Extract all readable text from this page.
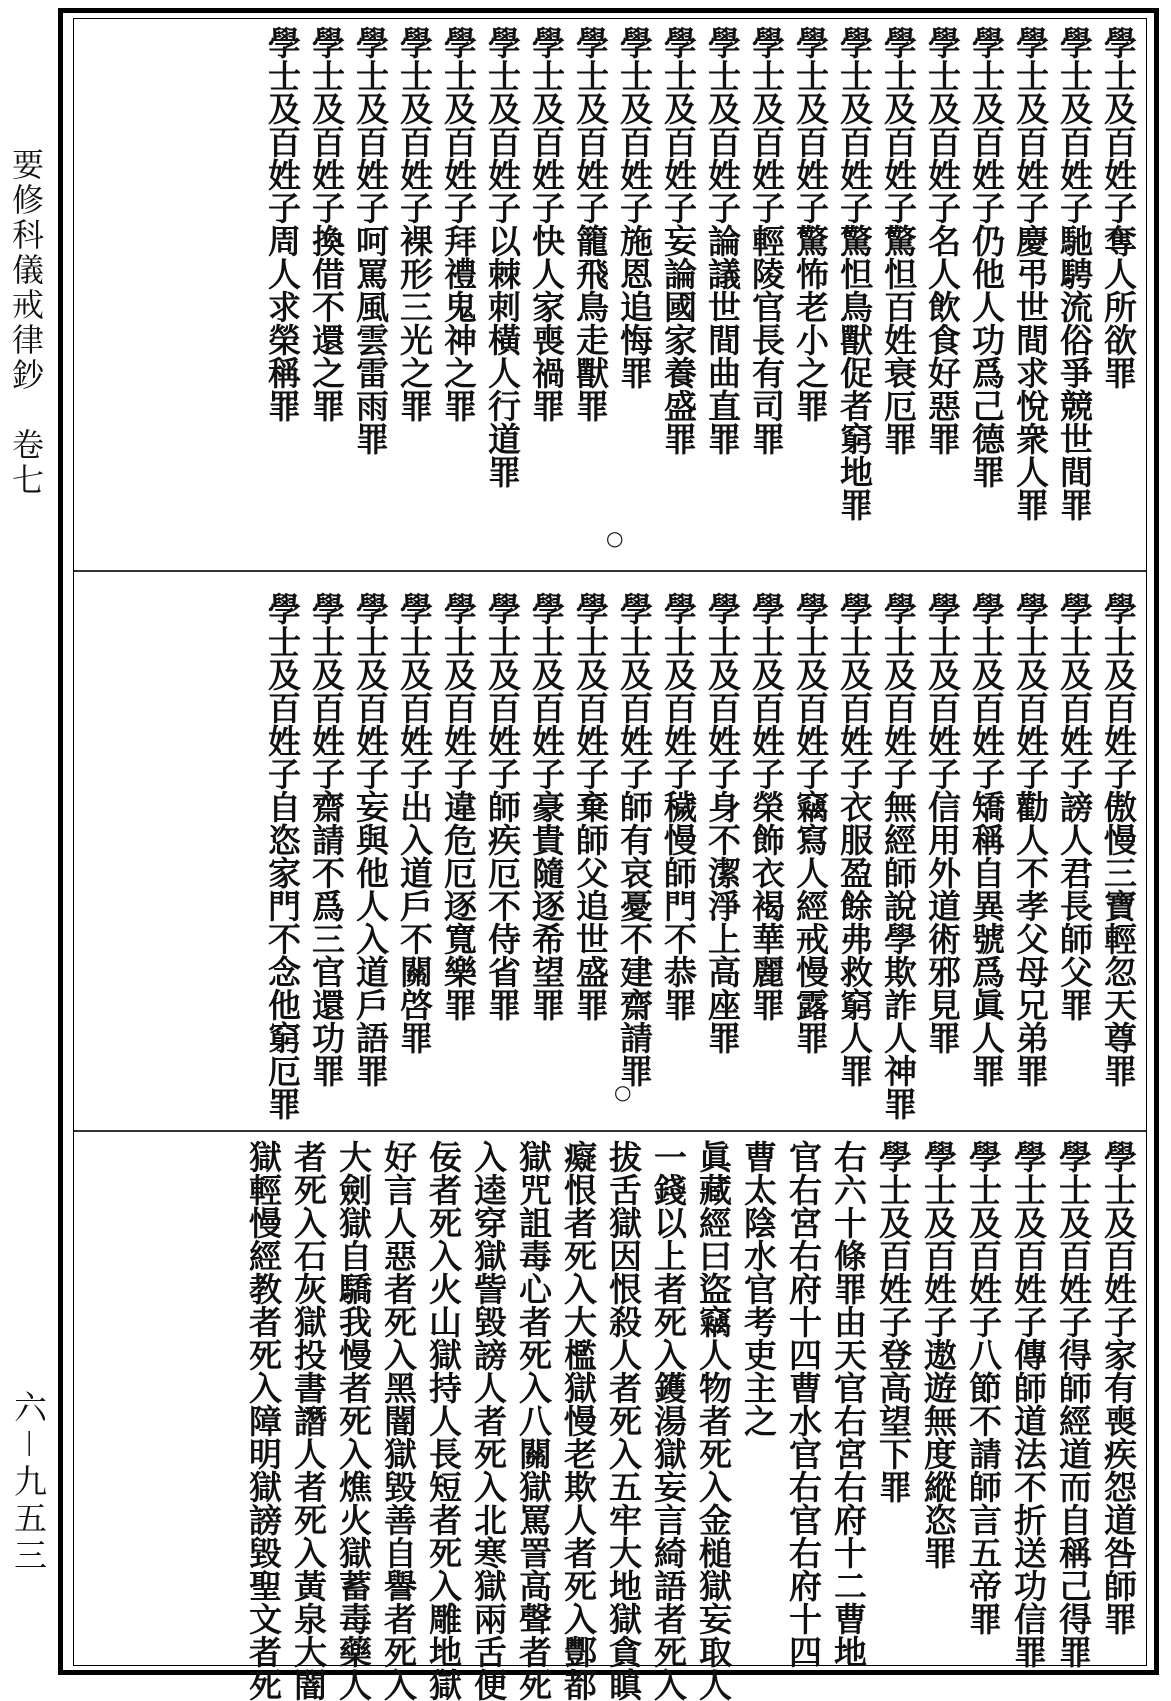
要修科儀戒律鈔　卷七
六－九五三
學士及百姓子奪人所欲罪
學士及百姓子馳騁流俗爭競世間罪
學士及百姓子慶弔世間求悅衆人罪
學士及百姓子仍他人功爲己德罪
學士及百姓子名人飲食好惡罪
學士及百姓子驚怛百姓衰厄罪
學士及百姓子驚怛鳥獸促者窮地罪
學士及百姓子驚怖老小之罪
學士及百姓子輕陵官長有司罪
學士及百姓子論議世間曲直罪
學士及百姓子妄論國家養盛罪
學士及百姓子施恩追悔罪
學士及百姓子籠飛鳥走獸罪
學士及百姓子快人家喪禍罪
學士及百姓子以棘刺橫人行道罪
學士及百姓子拜禮鬼神之罪
學士及百姓子裸形三光之罪
學士及百姓子呵罵風雲雷雨罪
學士及百姓子換借不還之罪
學士及百姓子周人求榮稱罪
學士及百姓子傲慢三寶輕忽天尊罪
學士及百姓子謗人君長師父罪
學士及百姓子勸人不孝父母兄弟罪
學士及百姓子矯稱自異號爲眞人罪
學士及百姓子信用外道術邪見罪
學士及百姓子無經師說學欺詐人神罪
學士及百姓子衣服盈餘弗救窮人罪
學士及百姓子竊寫人經戒慢露罪
學士及百姓子榮飾衣褐華麗罪
學士及百姓子身不潔淨上高座罪
學士及百姓子穢慢師門不恭罪
學士及百姓子師有哀憂不建齋請罪
學士及百姓子棄師父追世盛罪
學士及百姓子豪貴隨逐希望罪
學士及百姓子師疾厄不侍省罪
學士及百姓子違危厄逐寬樂罪
學士及百姓子出入道戶不關啓罪
學士及百姓子妄與他人入道戶語罪
學士及百姓子齋請不爲三官還功罪
學士及百姓子自恣家門不念他窮厄罪
學士及百姓子家有喪疾怨道咎師罪
學士及百姓子得師經道而自稱己得罪
學士及百姓子傳師道法不折送功信罪
學士及百姓子八節不請師言五帝罪
學士及百姓子遨遊無度縱恣罪
學士及百姓子登高望下罪
右六十條罪由天官右宮右府十二曹地
官右宮右府十四曹水官右官右府十四
曹太陰水官考吏主之
眞藏經曰盜竊人物者死入金槌獄妄取人
一錢以上者死入鑊湯獄妄言綺語者死入
拔舌獄因恨殺人者死入五牢大地獄貪瞋
癡恨者死入大檻獄慢老欺人者死入酆都
獄咒詛毒心者死入八關獄罵詈高聲者死
入逵穿獄訾毀謗人者死入北寒獄兩舌便
佞者死入火山獄持人長短者死入雕地獄
好言人惡者死入黑闇獄毀善自譽者死入
大劍獄自驕我慢者死入燋火獄蓄毒藥人
者死入石灰獄投書譖人者死入黃泉大闇
獄輕慢經教者死入障明獄謗毀聖文者死
○
○
